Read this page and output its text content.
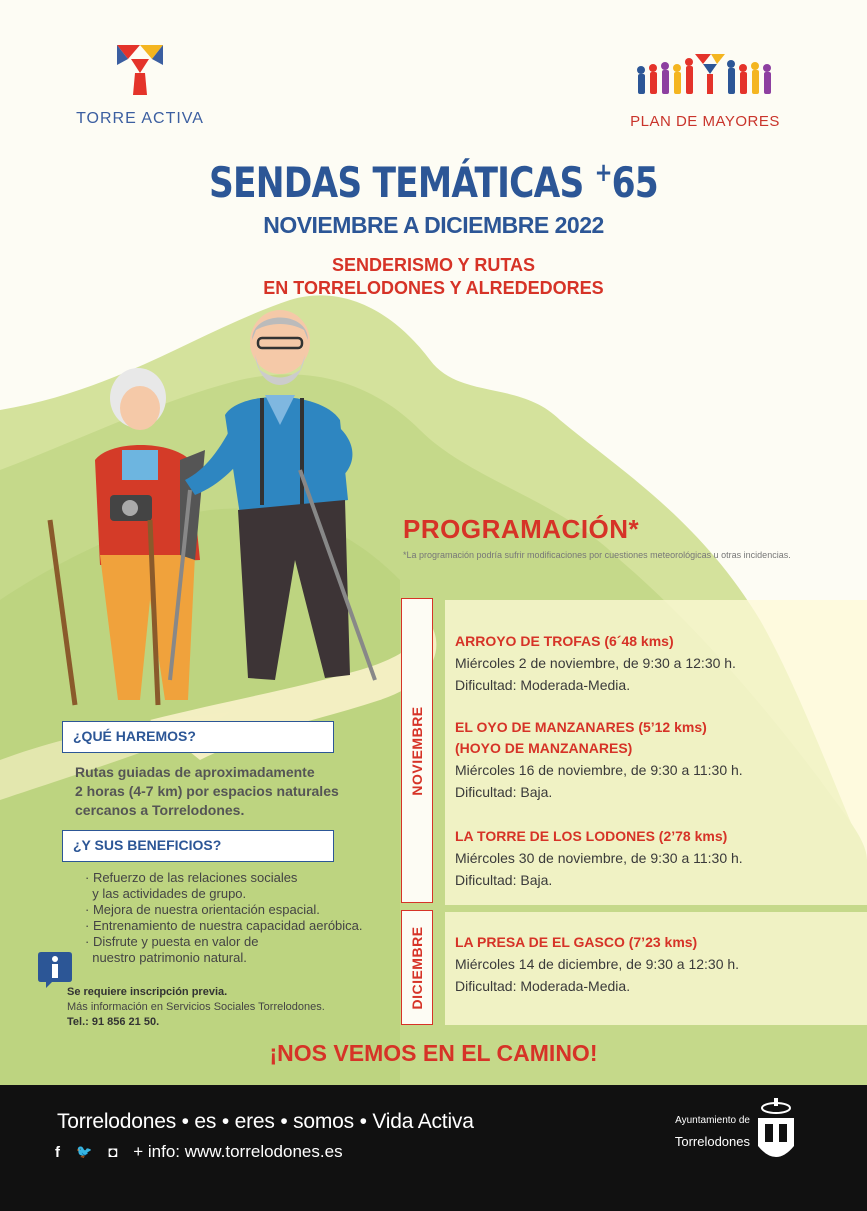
TORRE ACTIVA	PLAN DE MAYORES
SENDAS TEMÁTICAS +65
NOVIEMBRE A DICIEMBRE 2022
SENDERISMO Y RUTAS
EN TORRELODONES Y ALREDEDORES
PROGRAMACIÓN*
*La programación podría sufrir modificaciones por cuestiones meteorológicas u otras incidencias.
NOVIEMBRE
DICIEMBRE
ARROYO DE TROFAS (6´48 kms)
Miércoles 2 de noviembre, de 9:30 a 12:30 h.
Dificultad: Moderada-Media.
EL OYO DE MANZANARES (5’12 kms)
(HOYO DE MANZANARES)
Miércoles 16 de noviembre, de 9:30 a 11:30 h.
Dificultad: Baja.
LA TORRE DE LOS LODONES (2’78 kms)
Miércoles 30 de noviembre, de 9:30 a 11:30 h.
Dificultad: Baja.
LA PRESA DE EL GASCO (7’23 kms)
Miércoles 14 de diciembre, de 9:30 a 12:30 h.
Dificultad: Moderada-Media.
¿QUÉ HAREMOS?
Rutas guiadas de aproximadamente
2 horas (4-7 km) por espacios naturales
cercanos a Torrelodones.
¿Y SUS BENEFICIOS?
· Refuerzo de las relaciones sociales
y las actividades de grupo.
· Mejora de nuestra orientación espacial.
· Entrenamiento de nuestra capacidad aeróbica.
· Disfrute y puesta en valor de
nuestro patrimonio natural.
Se requiere inscripción previa.
Más información en Servicios Sociales Torrelodones.
Tel.: 91 856 21 50.
¡NOS VEMOS EN EL CAMINO!
Torrelodones • es • eres • somos • Vida Activa
f 🐦 ◘ + info: www.torrelodones.es
Ayuntamiento de
Torrelodones
